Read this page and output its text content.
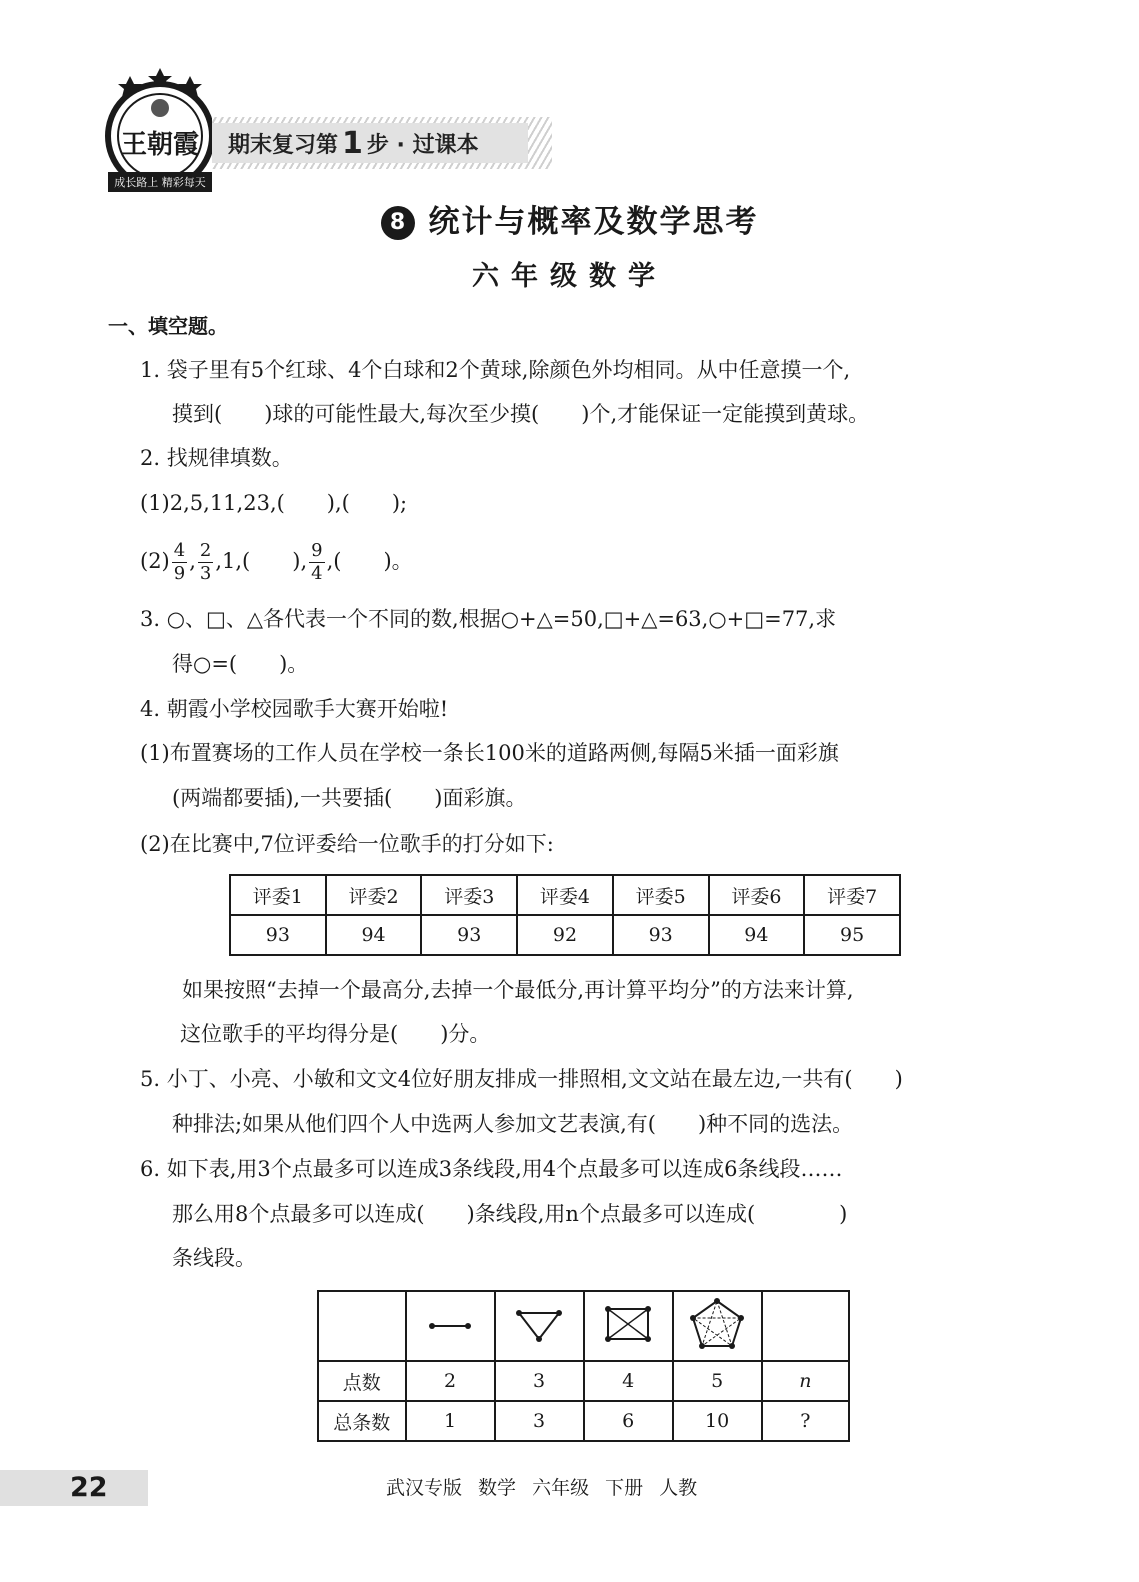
王朝霞
成长路上 精彩每天
期末复习第 1 步 · 过课本
8 统计与概率及数学思考
六年级数学
一、填空题。
1. 袋子里有5个红球、4个白球和2个黄球,除颜色外均相同。从中任意摸一个,
摸到(　　)球的可能性最大,每次至少摸(　　)个,才能保证一定能摸到黄球。
2. 找规律填数。
(1)2,5,11,23,(　　),(　　);
$(2) \frac{4}{9}$ , $\frac{2}{3} ,1$,(　　), $\frac{9}{4}$ ,(　　)。
3. ○、□、△各代表一个不同的数,根据○+△=50,□+△=63,○+□=77,求
得○=(　　)。
4. 朝霞小学校园歌手大赛开始啦!
(1)布置赛场的工作人员在学校一条长100米的道路两侧,每隔5米插一面彩旗
(两端都要插),一共要插(　　)面彩旗。
(2)在比赛中,7位评委给一位歌手的打分如下:
评委1	评委2	评委3	评委4	评委5	评委6	评委7
93	94	93	92	93	94	95
如果按照“去掉一个最高分,去掉一个最低分,再计算平均分”的方法来计算,
这位歌手的平均得分是(　　)分。
5. 小丁、小亮、小敏和文文4位好朋友排成一排照相,文文站在最左边,一共有(　　)
种排法;如果从他们四个人中选两人参加文艺表演,有(　　)种不同的选法。
6. 如下表,用3个点最多可以连成3条线段,用4个点最多可以连成6条线段……
那么用8个点最多可以连成(　　)条线段,用n个点最多可以连成(　　　　)
条线段。

点数	2	3	4	5	n
总条数	1	3	6	10	?
22	武汉专版 数学 六年级 下册 人教
